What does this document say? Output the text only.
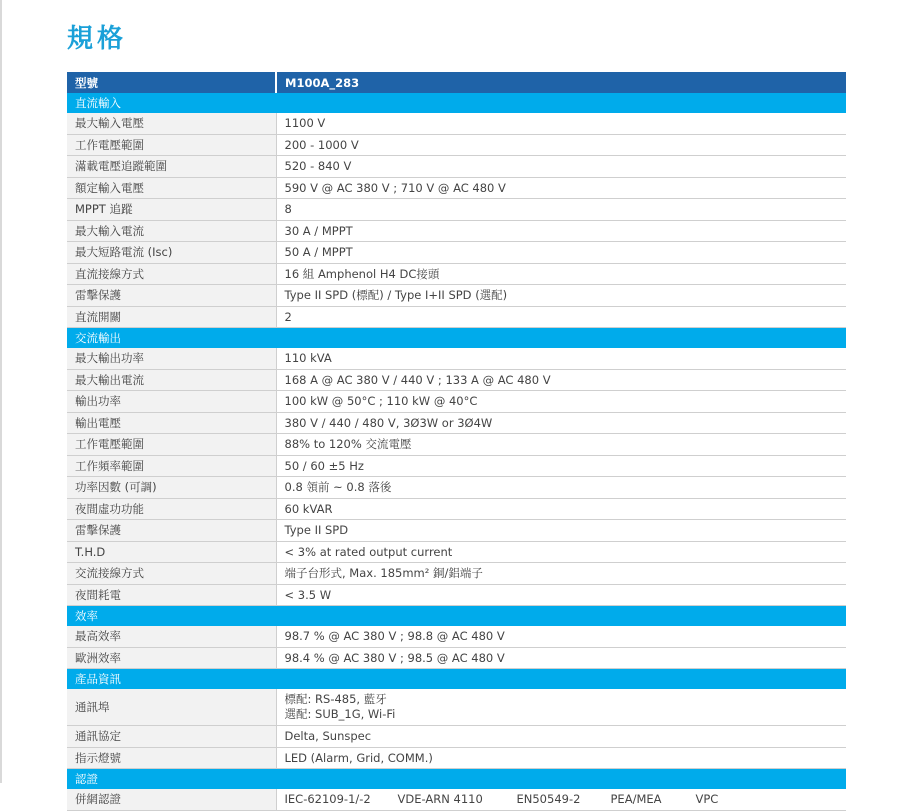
規格
型號	M100A_283
直流輸入	
最大輸入電壓	1100 V
工作電壓範圍	200 - 1000 V
滿載電壓追蹤範圍	520 - 840 V
額定輸入電壓	590 V @ AC 380 V ; 710 V @ AC 480 V
MPPT 追蹤	8
最大輸入電流	30 A / MPPT
最大短路電流 (Isc)	50 A / MPPT
直流接線方式	16 組 Amphenol H4 DC接頭
雷擊保護	Type II SPD (標配) / Type I+II SPD (選配)
直流開關	2
交流輸出	
最大輸出功率	110 kVA
最大輸出電流	168 A @ AC 380 V / 440 V ; 133 A @ AC 480 V
輸出功率	100 kW @ 50°C ; 110 kW @ 40°C
輸出電壓	380 V / 440 / 480 V, 3Ø3W or 3Ø4W
工作電壓範圍	88% to 120% 交流電壓
工作頻率範圍	50 / 60 ±5 Hz
功率因數 (可調)	0.8 領前 ~ 0.8 落後
夜間虛功功能	60 kVAR
雷擊保護	Type II SPD
T.H.D	< 3% at rated output current
交流接線方式	端子台形式, Max. 185mm² 銅/鋁端子
夜間耗電	< 3.5 W
效率	
最高效率	98.7 % @ AC 380 V ; 98.8 @ AC 480 V
歐洲效率	98.4 % @ AC 380 V ; 98.5 @ AC 480 V
產品資訊	
通訊埠	標配: RS-485, 藍牙
選配: SUB_1G, Wi-Fi

通訊協定	Delta, Sunspec
指示燈號	LED (Alarm, Grid, COMM.)
認證	
併網認證	IEC-62109-1/-2 VDE-ARN 4110 EN50549-2 PEA/MEA VPC
